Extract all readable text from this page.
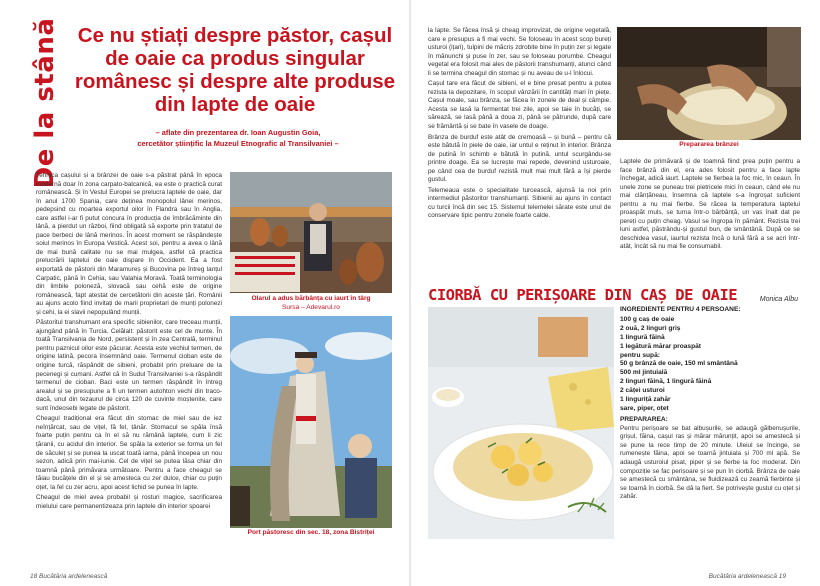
De la stână Ce nu știați despre păstor, cașul de oaie ca produs singular românesc și despre alte produse din lapte de oaie
– aflate din prezentarea dr. Ioan Augustin Goia,
cercetător științific la Muzeul Etnografic al Transilvaniei –

Tehnica cașului și a brânzei de oaie s-a păstrat până în epoca modernă doar în zona carpato-balcanică, ea este o practică curat românească. Și în Vestul Europei se prelucra laptele de oaie, dar în anul 1700 Spania, care deținea monopolul lânei merinos, pedepsind cu moartea exportul oilor în Flandra sau în Anglia, care astfel i-ar fi putut concura în producția de îmbrăcăminte din lână, a pierdut un război, fiind obligată să exporte prin tratatul de pace berbeci de lână merinos. În acest moment se răspândește soiul merinos în Europa Vestică. Acest soi, pentru a avea o lână de mai bună calitate nu se mai mulgea, astfel că practica prelucrării laptelui de oaie dispare în Occident. Ea a fost exportată de păstorii din Maramureș și Bucovina pe întreg lanțul Carpatic, până în Cehia, sau Valahia Moravă. Toată terminologia din limbile poloneză, slovacă sau cehă este de origine românească, fapt atestat de cercetătorii din aceste țări. Românii au ajuns acolo fiind invitați de marii proprietari de munți polonezi și cehi, la ei slavii nepopulând munții.

Păstoritul transhumant era specific sibienilor, care treceau munții, ajungând până în Turcia. Celălalt: păstorit este cel de munte. În toată Transilvania de Nord, persistent și în zea Centrală, terminul pentru paznicul oilor este păcurar. Acesta este vechiul termen, de origine latină, pecora însemnând oaie. Termenul cioban este de origine turcă, răspândit de sibieni, probabil prin preluare de la pecenegi și cumani. Astfel că în Sudul Transilvaniei s-a răspândit termenul de cioban. Baci este un termen răspândit în întreg arealul și se presupune a fi un termen autohton vechi din traco-dacă, unul din tezaurul de circa 120 de cuvinte moștenite, care sunt îndeosebi legate de păstorit.

Cheagul tradițional era făcut din stomac de miel sau de iez neînțărcat, sau de vițel, fă fel, tânăr. Stomacul se spăla însă foarte puțin pentru ca în el să nu rămână laptele, cum li zic țăranii, cu acidul din interior. Se spăla la exterior se forma un fel de săculeț și se punea la uscat toată iarna, până începea un nou sezon, adică prin mai-iunie. Cel de vițel se putea lăsa chiar din toamnă până primăvara următoare. Pentru a face cheagul se tăiau bucățele din el și se amesteca cu zer dulce, chiar cu puțin oțet, la fel cu zer acru, apoi acest lichid se punea în lapte.

Cheagul de miel avea probabil și rosturi magice, sacrificarea mielului care permanentizeaza prin laptele din interior spoarei

Olarul a adus bărbânța cu iaurt în târg
Sursa – Adevarul.ro
Port păstoresc din sec. 18, zona Bistriței
18 Bucătăria ardelenească

la lapte. Se făcea însă și cheag improvizat, de origine vegetală, care e presupus a fi mai vechi. Se foloseau în acest scop bureți usturoi (ițari), tulpini de măcriș zdrobite bine în puțin zer și legate în mănunchi și puse în zer, sau se foloseau porumbe. Cheagul vegetal era folosit mai ales de păstorii transhumanți, atunci când li se termina cheagul din stomac și nu aveau de u-l înlocui.

Cașul tare era făcut de sibieni, el e bine presat pentru a putea rezista la depozitare, în scopul vânzării în cantități mari în piețe. Cașul moale, sau brânza, se făcea în zonele de deal și câmpie. Acesta se lasă la fermentat trei zile, apoi se taie în bucăți, se sărează, se lasă până a doua zi, până se pătrunde, după care se frământă și se bate în vasele de doage.

Brânza de burduf este atât de cremoasă – și bună – pentru că este bătută în piele de oaie, iar untul e reținut în interior. Brânza de putină în schimb e bătută în putină, untul scurgându-se printre doage. Ea se lucrește mai repede, devenind usturoaie, pe când cea de burduf rezistă mult mai mult fără a își pierde gustul.

Telemeaua este o specialitate turcească, ajunsă la noi prin intermediul păstoritor transhumanți. Sibienii au ajuns în contact cu turcii încă din sec 15. Sistemul telemelei sărate este unul de conservare tipic pentru zonele foarte calde.

Prepararea brânzei

Laptele de primăvară și de toamnă fiind prea puțin pentru a face brânză din el, era ades folosit pentru a face lapte închegat, adică iaurt. Laptele se fierbea la foc mic, în ceaun. În unele zone se puneau trei pietricele mici în ceaun, când ele nu mai clănțăneau, însemna că laptele s-a îngroșat suficient pentru a nu mai fierbe. Se răcea la temperatura laptelui proaspăt muls, se turna într-o bărbânță, un vas înalt dat pe pereți cu puțin cheag. Vasul se îngropa în pământ. Rezista trei luni astfel, păstrându-și gustul bun, de smântână. După ce se deschidea vasul, iaurtul rezista încă o lună fără a se acri într-atât, încât să nu mai fie consumabil.

Monica Albu
CIORBĂ CU PERIȘOARE DIN CAȘ DE OAIE
INGREDIENTE PENTRU 4 PERSOANE:
100 g caș de oaie
2 ouă, 2 linguri griș
1 lingură făină
1 legătură mărar proaspăt
pentru supă:
50 g brânză de oaie, 150 ml smântână
500 ml jintuială
2 linguri făină, 1 lingură făină
2 căței usturoi
1 linguriță zahăr
sare, piper, oțet
PREPARAREA:
Pentru perișoare se bat albușurile, se adaugă gălbenușurile, grișul, făina, cașul ras și mărar mărunțit, apoi se amestecă și se pune la rece timp de 20 minute. Uleiul se încinge, se rumenește făina, apoi se toarnă jintuiala și 700 ml apă. Se adaugă usturoiul pisat, piper și se fierbe la foc moderat. Din compoziție se fac perișoare și se pun în ciorbă. Brânza de oaie se amestecă cu smântâna, se fluidizează cu zeamă fierbinte și se toarnă în ciorbă. Se dă la fiert. Se potrivește gustul cu oțet și zahăr.
Bucătăria ardelenească 19
